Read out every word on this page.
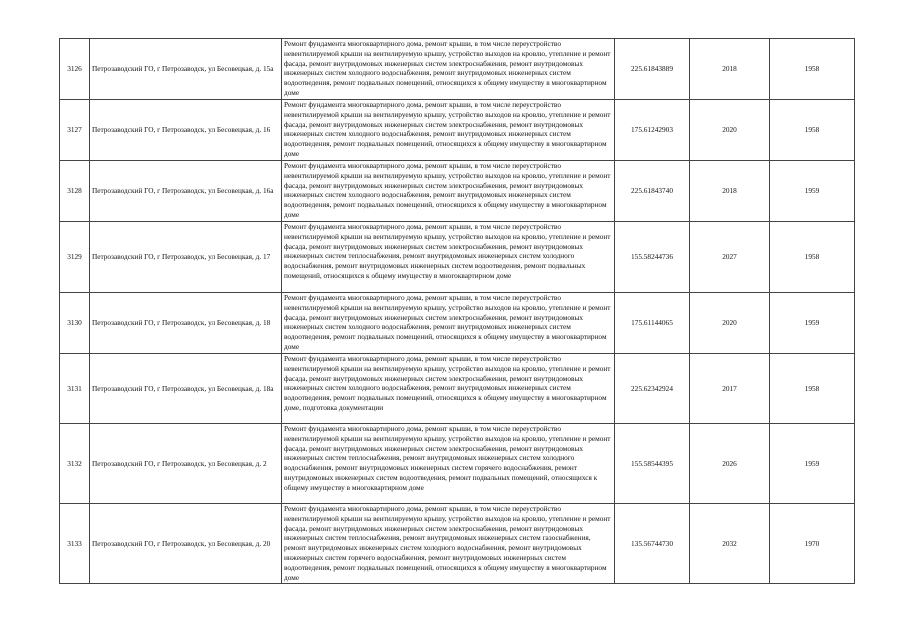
3126	Петрозаводский ГО, г Петрозаводск, ул Бесовецкая, д. 15а	Ремонт фундамента многоквартирного дома, ремонт крыши, в том числе переустройство невентилируемой крыши на вентилируемую крышу, устройство выходов на кровлю, утепление и ремонт фасада, ремонт внутридомовых инженерных систем электроснабжения, ремонт внутридомовых инженерных систем холодного водоснабжения, ремонт внутридомовых инженерных систем водоотведения, ремонт подвальных помещений, относящихся к общему имуществу в многоквартирном доме	225.61843889	2018	1958
3127	Петрозаводский ГО, г Петрозаводск, ул Бесовецкая, д. 16	Ремонт фундамента многоквартирного дома, ремонт крыши, в том числе переустройство невентилируемой крыши на вентилируемую крышу, устройство выходов на кровлю, утепление и ремонт фасада, ремонт внутридомовых инженерных систем электроснабжения, ремонт внутридомовых инженерных систем холодного водоснабжения, ремонт внутридомовых инженерных систем водоотведения, ремонт подвальных помещений, относящихся к общему имуществу в многоквартирном доме	175.61242903	2020	1958
3128	Петрозаводский ГО, г Петрозаводск, ул Бесовецкая, д. 16а	Ремонт фундамента многоквартирного дома, ремонт крыши, в том числе переустройство невентилируемой крыши на вентилируемую крышу, устройство выходов на кровлю, утепление и ремонт фасада, ремонт внутридомовых инженерных систем электроснабжения, ремонт внутридомовых инженерных систем холодного водоснабжения, ремонт внутридомовых инженерных систем водоотведения, ремонт подвальных помещений, относящихся к общему имуществу в многоквартирном доме	225.61843740	2018	1959
3129	Петрозаводский ГО, г Петрозаводск, ул Бесовецкая, д. 17	Ремонт фундамента многоквартирного дома, ремонт крыши, в том числе переустройство невентилируемой крыши на вентилируемую крышу, устройство выходов на кровлю, утепление и ремонт фасада, ремонт внутридомовых инженерных систем электроснабжения, ремонт внутридомовых инженерных систем теплоснабжения, ремонт внутридомовых инженерных систем холодного водоснабжения, ремонт внутридомовых инженерных систем водоотведения, ремонт подвальных помещений, относящихся к общему имуществу в многоквартирном доме	155.58244736	2027	1958
3130	Петрозаводский ГО, г Петрозаводск, ул Бесовецкая, д. 18	Ремонт фундамента многоквартирного дома, ремонт крыши, в том числе переустройство невентилируемой крыши на вентилируемую крышу, устройство выходов на кровлю, утепление и ремонт фасада, ремонт внутридомовых инженерных систем электроснабжения, ремонт внутридомовых инженерных систем холодного водоснабжения, ремонт внутридомовых инженерных систем водоотведения, ремонт подвальных помещений, относящихся к общему имуществу в многоквартирном доме	175.61144065	2020	1959
3131	Петрозаводский ГО, г Петрозаводск, ул Бесовецкая, д. 18а	Ремонт фундамента многоквартирного дома, ремонт крыши, в том числе переустройство невентилируемой крыши на вентилируемую крышу, устройство выходов на кровлю, утепление и ремонт фасада, ремонт внутридомовых инженерных систем электроснабжения, ремонт внутридомовых инженерных систем холодного водоснабжения, ремонт внутридомовых инженерных систем водоотведения, ремонт подвальных помещений, относящихся к общему имуществу в многоквартирном доме, подготовка документации	225.62342924	2017	1958
3132	Петрозаводский ГО, г Петрозаводск, ул Бесовецкая, д. 2	Ремонт фундамента многоквартирного дома, ремонт крыши, в том числе переустройство невентилируемой крыши на вентилируемую крышу, устройство выходов на кровлю, утепление и ремонт фасада, ремонт внутридомовых инженерных систем электроснабжения, ремонт внутридомовых инженерных систем теплоснабжения, ремонт внутридомовых инженерных систем холодного водоснабжения, ремонт внутридомовых инженерных систем горячего водоснабжения, ремонт внутридомовых инженерных систем водоотведения, ремонт подвальных помещений, относящихся к общему имуществу в многоквартирном доме	155.58544395	2026	1959
3133	Петрозаводский ГО, г Петрозаводск, ул Бесовецкая, д. 20	Ремонт фундамента многоквартирного дома, ремонт крыши, в том числе переустройство невентилируемой крыши на вентилируемую крышу, устройство выходов на кровлю, утепление и ремонт фасада, ремонт внутридомовых инженерных систем электроснабжения, ремонт внутридомовых инженерных систем теплоснабжения, ремонт внутридомовых инженерных систем газоснабжения, ремонт внутридомовых инженерных систем холодного водоснабжения, ремонт внутридомовых инженерных систем горячего водоснабжения, ремонт внутридомовых инженерных систем водоотведения, ремонт подвальных помещений, относящихся к общему имуществу в многоквартирном доме	135.56744730	2032	1970
